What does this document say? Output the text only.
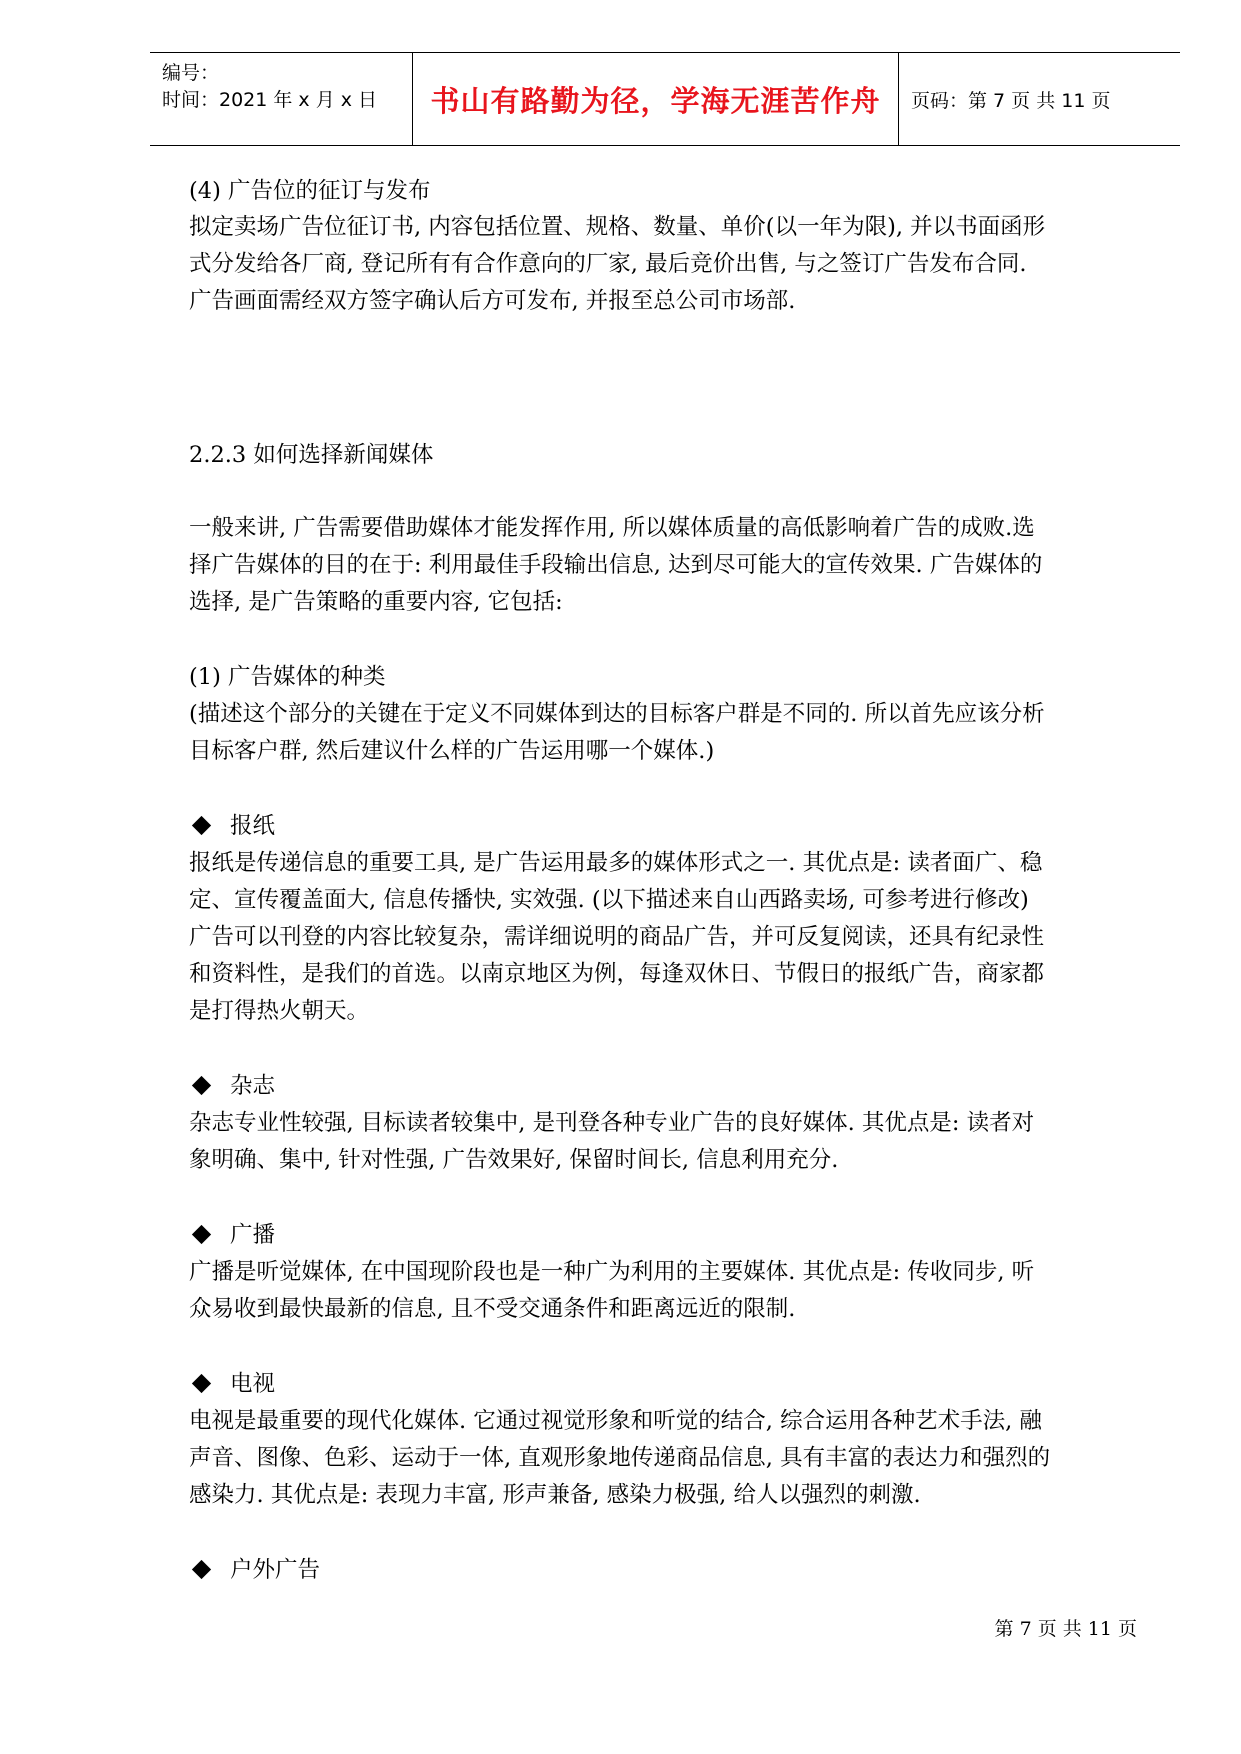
编号：
时间：2021 年 x 月 x 日 书山有路勤为径，学海无涯苦作舟 页码：第 7 页 共 11 页
(4) 广告位的征订与发布
拟定卖场广告位征订书, 内容包括位置、规格、数量、单价(以一年为限), 并以书面函形
式分发给各厂商, 登记所有有合作意向的厂家, 最后竞价出售, 与之签订广告发布合同.
广告画面需经双方签字确认后方可发布, 并报至总公司市场部.
2.2.3 如何选择新闻媒体
一般来讲, 广告需要借助媒体才能发挥作用, 所以媒体质量的高低影响着广告的成败.选
择广告媒体的目的在于: 利用最佳手段输出信息, 达到尽可能大的宣传效果. 广告媒体的
选择, 是广告策略的重要内容, 它包括:
(1) 广告媒体的种类
(描述这个部分的关键在于定义不同媒体到达的目标客户群是不同的. 所以首先应该分析
目标客户群, 然后建议什么样的广告运用哪一个媒体.)
报纸
报纸是传递信息的重要工具, 是广告运用最多的媒体形式之一. 其优点是: 读者面广、稳
定、宣传覆盖面大, 信息传播快, 实效强. (以下描述来自山西路卖场, 可参考进行修改)
广告可以刊登的内容比较复杂，需详细说明的商品广告，并可反复阅读，还具有纪录性
和资料性，是我们的首选。以南京地区为例，每逢双休日、节假日的报纸广告，商家都
是打得热火朝天。
杂志
杂志专业性较强, 目标读者较集中, 是刊登各种专业广告的良好媒体. 其优点是: 读者对
象明确、集中, 针对性强, 广告效果好, 保留时间长, 信息利用充分.
广播
广播是听觉媒体, 在中国现阶段也是一种广为利用的主要媒体. 其优点是: 传收同步, 听
众易收到最快最新的信息, 且不受交通条件和距离远近的限制.
电视
电视是最重要的现代化媒体. 它通过视觉形象和听觉的结合, 综合运用各种艺术手法, 融
声音、图像、色彩、运动于一体, 直观形象地传递商品信息, 具有丰富的表达力和强烈的
感染力. 其优点是: 表现力丰富, 形声兼备, 感染力极强, 给人以强烈的刺激.
户外广告
第 7 页 共 11 页
